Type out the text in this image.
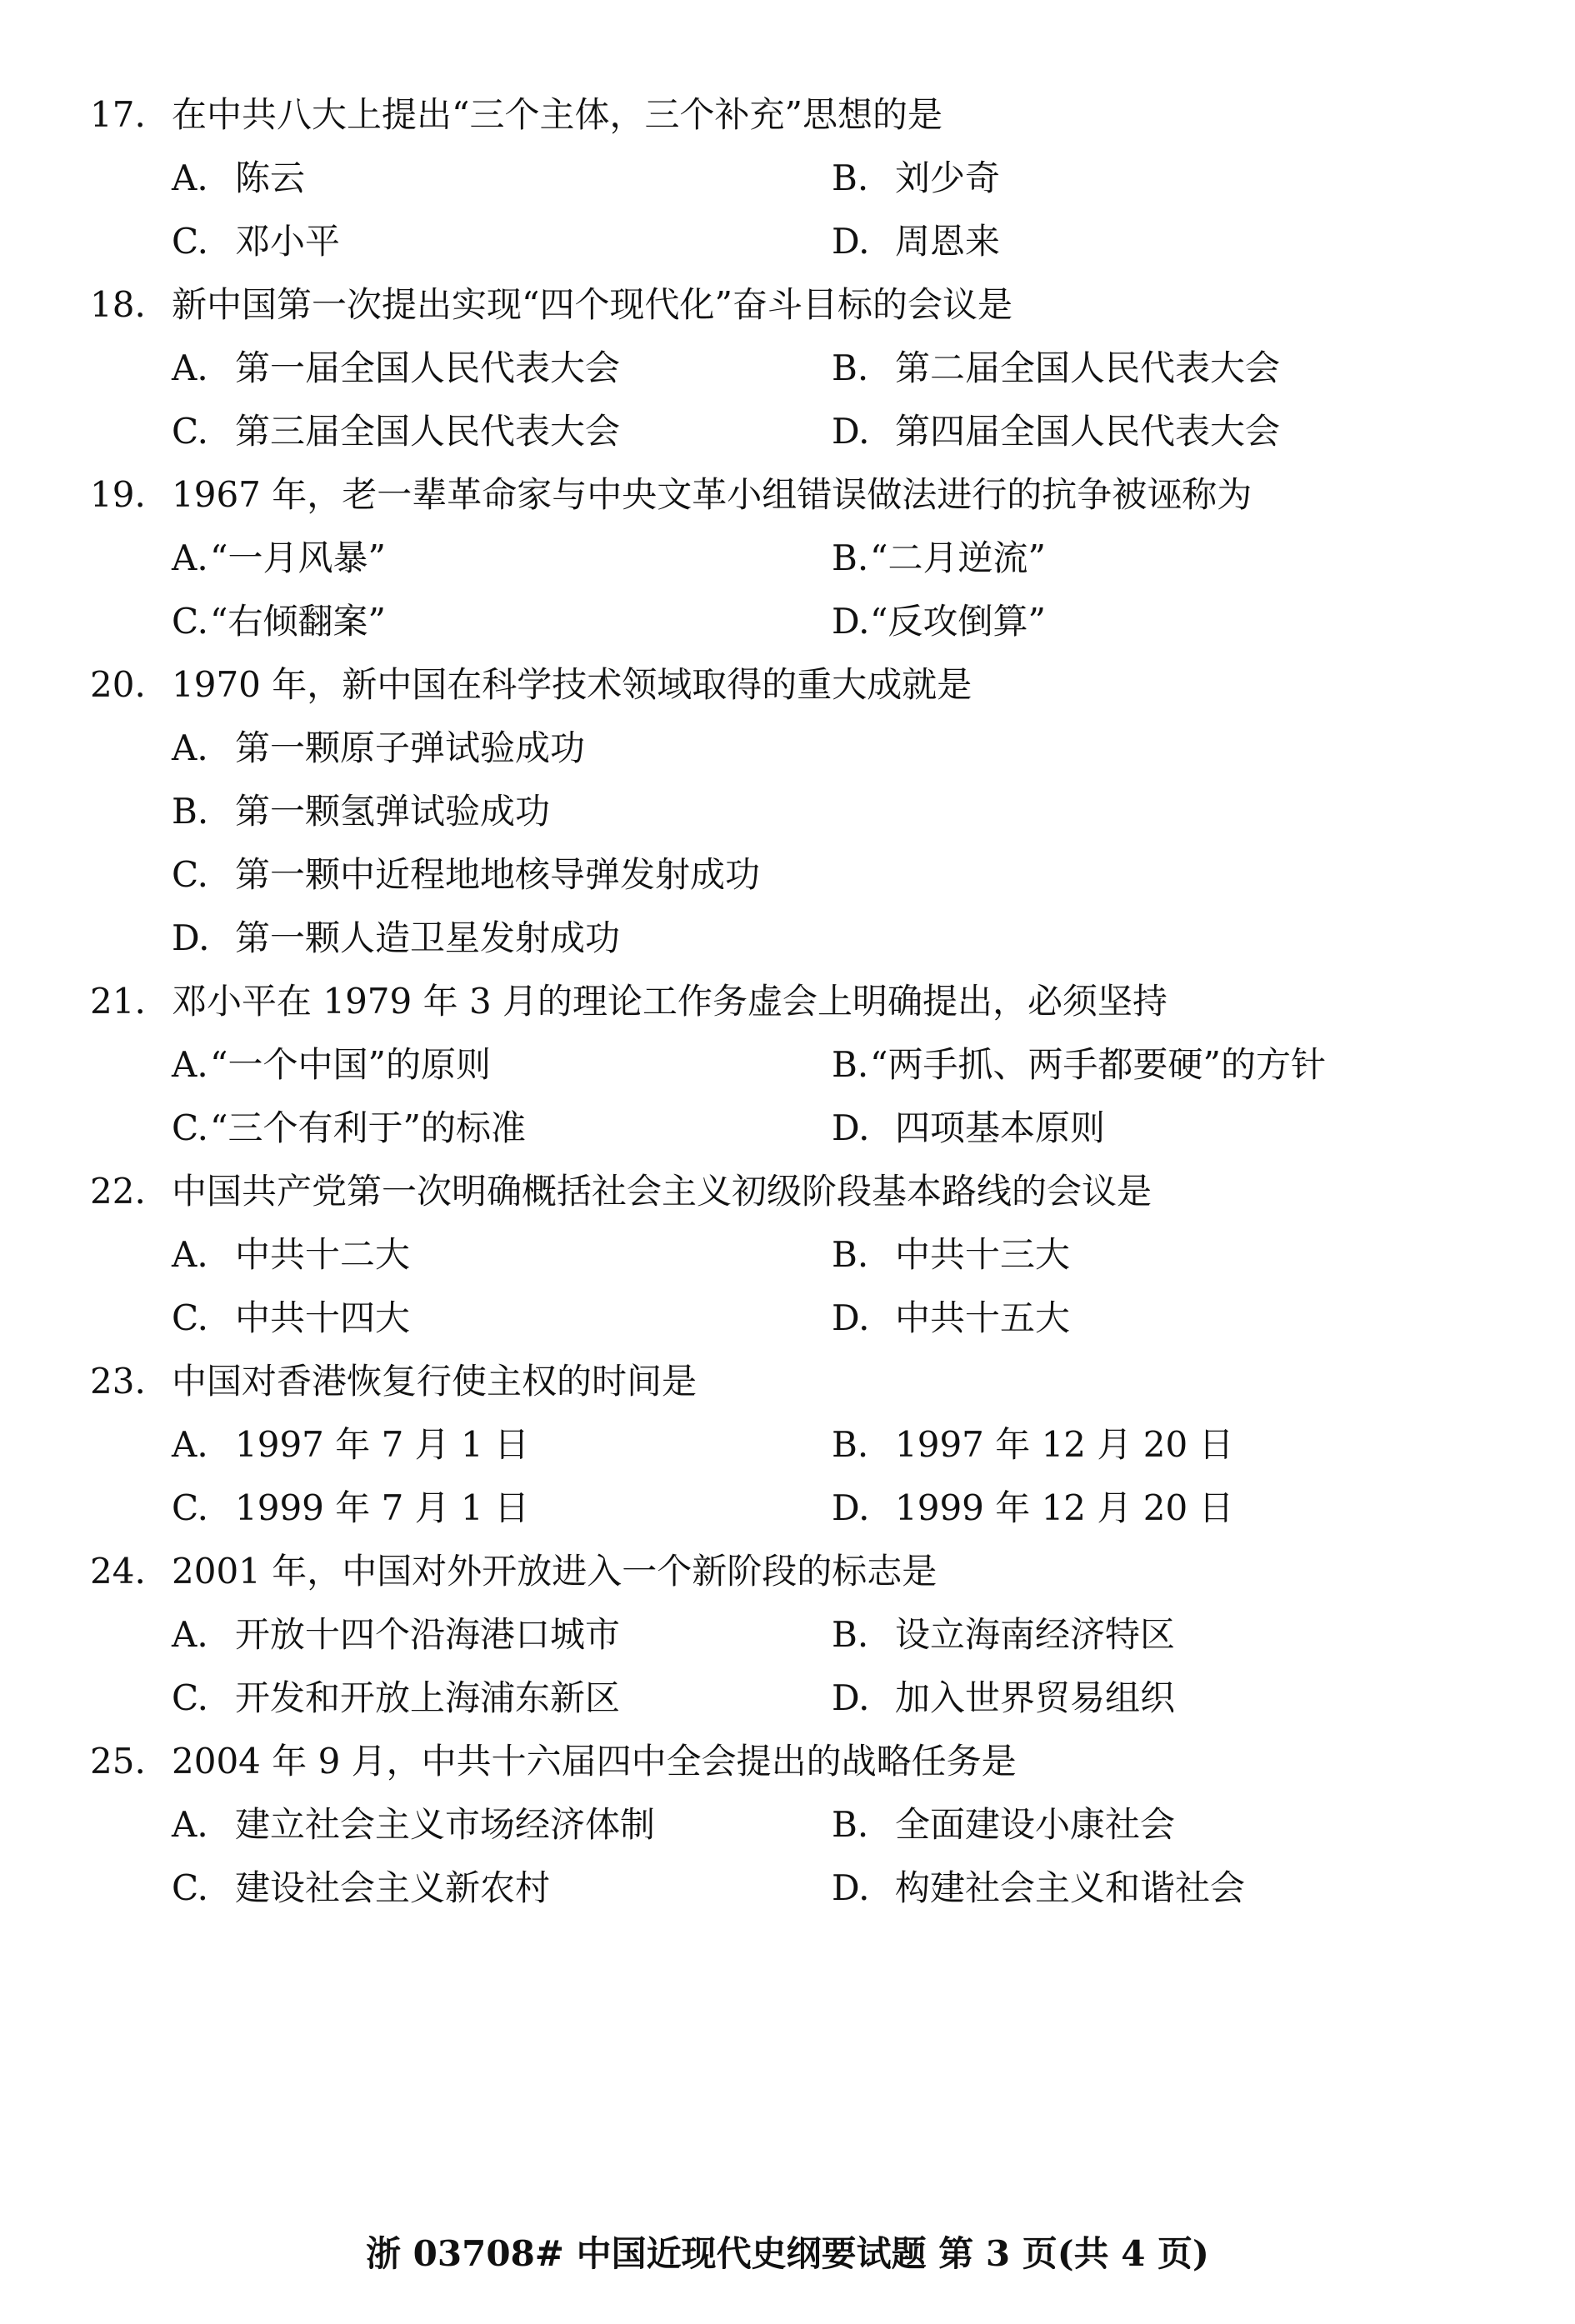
17. 在中共八大上提出“三个主体，三个补充”思想的是
A. 陈云	B. 刘少奇
C. 邓小平	D. 周恩来
18. 新中国第一次提出实现“四个现代化”奋斗目标的会议是
A. 第一届全国人民代表大会	B. 第二届全国人民代表大会
C. 第三届全国人民代表大会	D. 第四届全国人民代表大会
19. 1967 年，老一辈革命家与中央文革小组错误做法进行的抗争被诬称为
A.“一月风暴”	B.“二月逆流”
C.“右倾翻案”	D.“反攻倒算”
20. 1970 年，新中国在科学技术领域取得的重大成就是
A. 第一颗原子弹试验成功
B. 第一颗氢弹试验成功
C. 第一颗中近程地地核导弹发射成功
D. 第一颗人造卫星发射成功
21. 邓小平在 1979 年 3 月的理论工作务虚会上明确提出，必须坚持
A.“一个中国”的原则	B.“两手抓、两手都要硬”的方针
C.“三个有利于”的标准	D. 四项基本原则
22. 中国共产党第一次明确概括社会主义初级阶段基本路线的会议是
A. 中共十二大	B. 中共十三大
C. 中共十四大	D. 中共十五大
23. 中国对香港恢复行使主权的时间是
A. 1997 年 7 月 1 日	B. 1997 年 12 月 20 日
C. 1999 年 7 月 1 日	D. 1999 年 12 月 20 日
24. 2001 年，中国对外开放进入一个新阶段的标志是
A. 开放十四个沿海港口城市	B. 设立海南经济特区
C. 开发和开放上海浦东新区	D. 加入世界贸易组织
25. 2004 年 9 月，中共十六届四中全会提出的战略任务是
A. 建立社会主义市场经济体制	B. 全面建设小康社会
C. 建设社会主义新农村	D. 构建社会主义和谐社会
浙 03708# 中国近现代史纲要试题 第 3 页(共 4 页)
